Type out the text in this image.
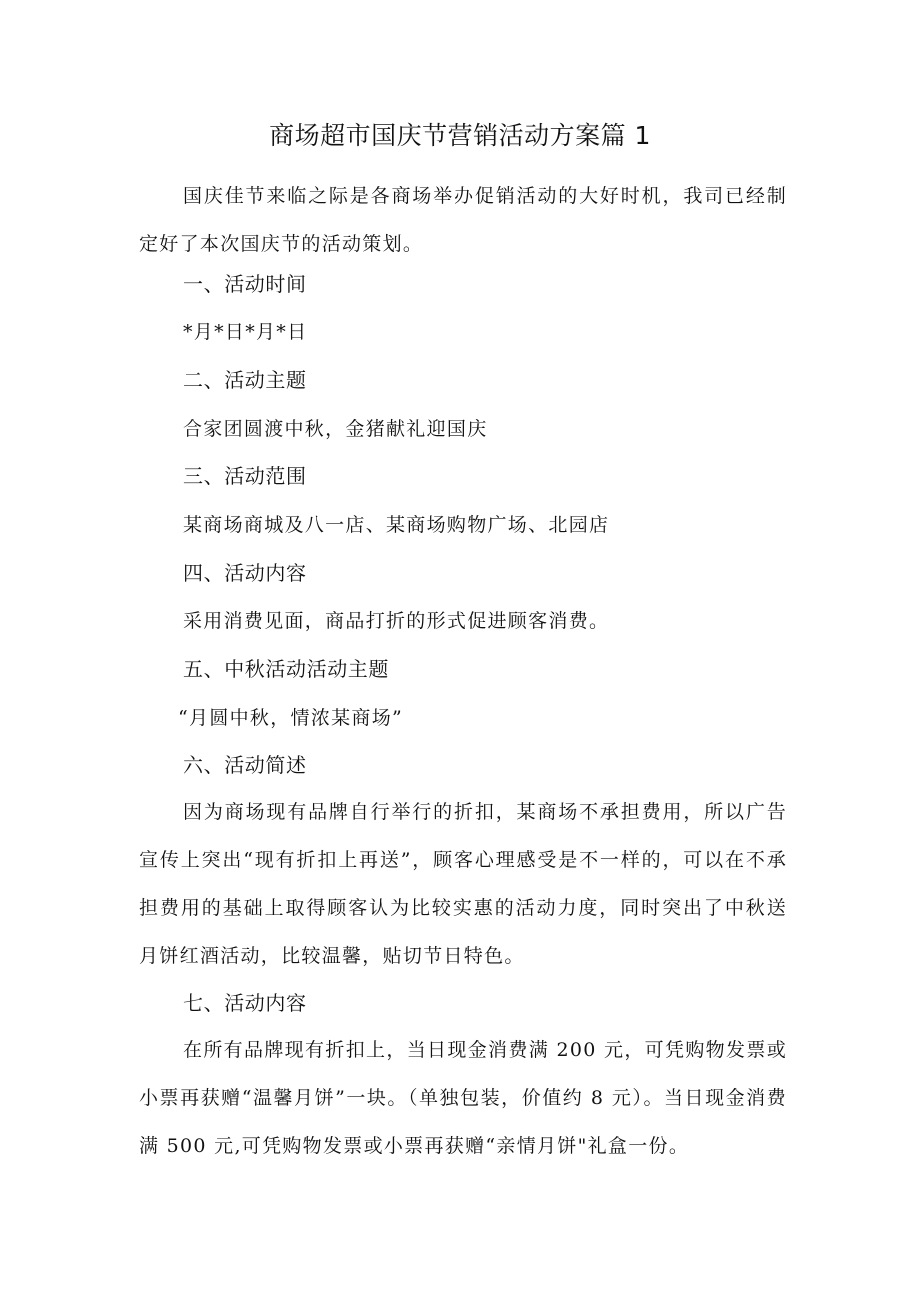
商场超市国庆节营销活动方案篇 1
国庆佳节来临之际是各商场举办促销活动的大好时机，我司已经制定好了本次国庆节的活动策划。
一、活动时间
*月*日*月*日
二、活动主题
合家团圆渡中秋，金猪献礼迎国庆
三、活动范围
某商场商城及八一店、某商场购物广场、北园店
四、活动内容
采用消费见面，商品打折的形式促进顾客消费。
五、中秋活动活动主题
“月圆中秋，情浓某商场”
六、活动简述
因为商场现有品牌自行举行的折扣，某商场不承担费用，所以广告宣传上突出“现有折扣上再送”，顾客心理感受是不一样的，可以在不承担费用的基础上取得顾客认为比较实惠的活动力度，同时突出了中秋送月饼红酒活动，比较温馨，贴切节日特色。
七、活动内容
在所有品牌现有折扣上，当日现金消费满 200 元，可凭购物发票或小票再获赠“温馨月饼”一块。（单独包装，价值约 8 元）。当日现金消费满 500 元,可凭购物发票或小票再获赠“亲情月饼"礼盒一份。
